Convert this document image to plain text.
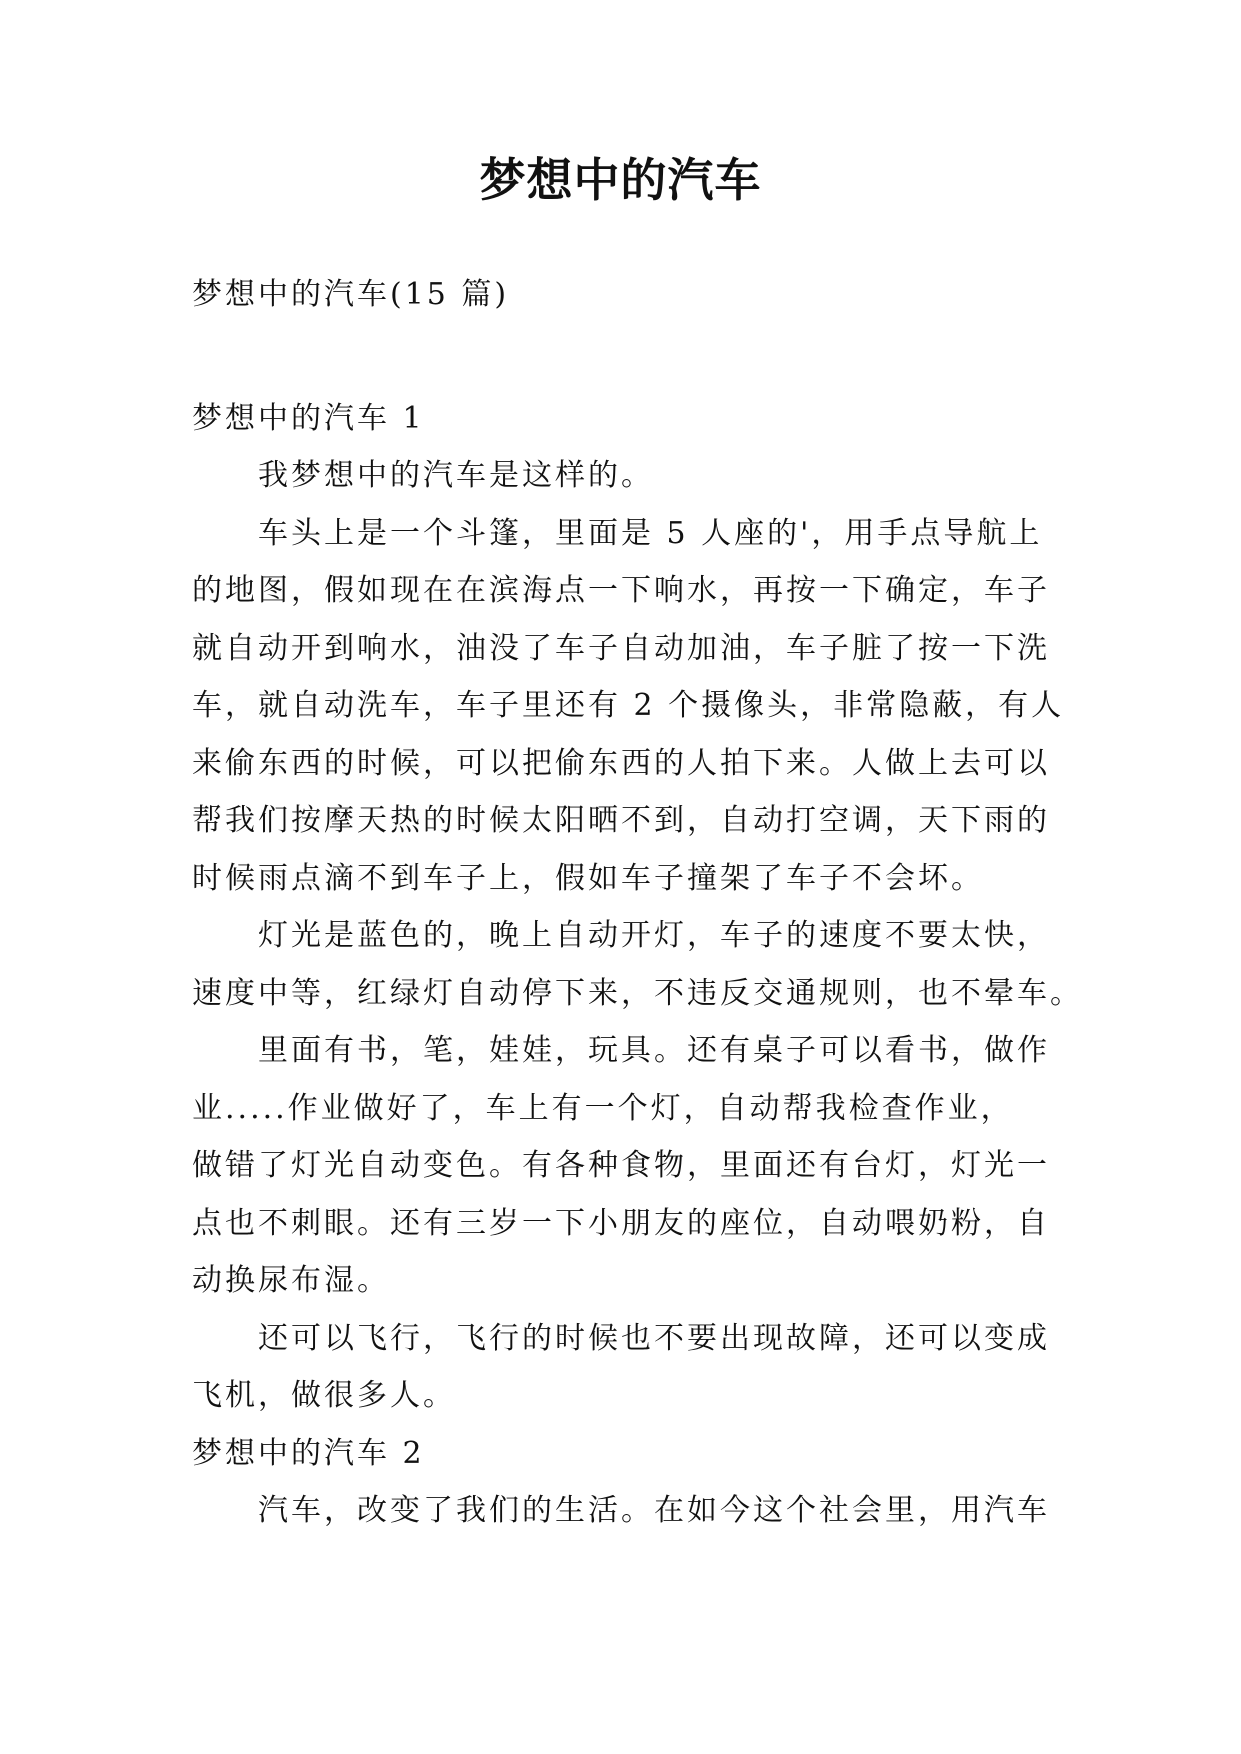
梦想中的汽车

梦想中的汽车(15 篇)

梦想中的汽车 1

我梦想中的汽车是这样的。

车头上是一个斗篷，里面是 5 人座的'，用手点导航上

的地图，假如现在在滨海点一下响水，再按一下确定，车子

就自动开到响水，油没了车子自动加油，车子脏了按一下洗

车，就自动洗车，车子里还有 2 个摄像头，非常隐蔽，有人

来偷东西的时候，可以把偷东西的人拍下来。人做上去可以

帮我们按摩天热的时候太阳晒不到，自动打空调，天下雨的

时候雨点滴不到车子上，假如车子撞架了车子不会坏。

灯光是蓝色的，晚上自动开灯，车子的速度不要太快，

速度中等，红绿灯自动停下来，不违反交通规则，也不晕车。

里面有书，笔，娃娃，玩具。还有桌子可以看书，做作

业.....作业做好了，车上有一个灯，自动帮我检查作业，

做错了灯光自动变色。有各种食物，里面还有台灯，灯光一

点也不刺眼。还有三岁一下小朋友的座位，自动喂奶粉，自

动换尿布湿。

还可以飞行，飞行的时候也不要出现故障，还可以变成

飞机，做很多人。

梦想中的汽车 2

汽车，改变了我们的生活。在如今这个社会里，用汽车
